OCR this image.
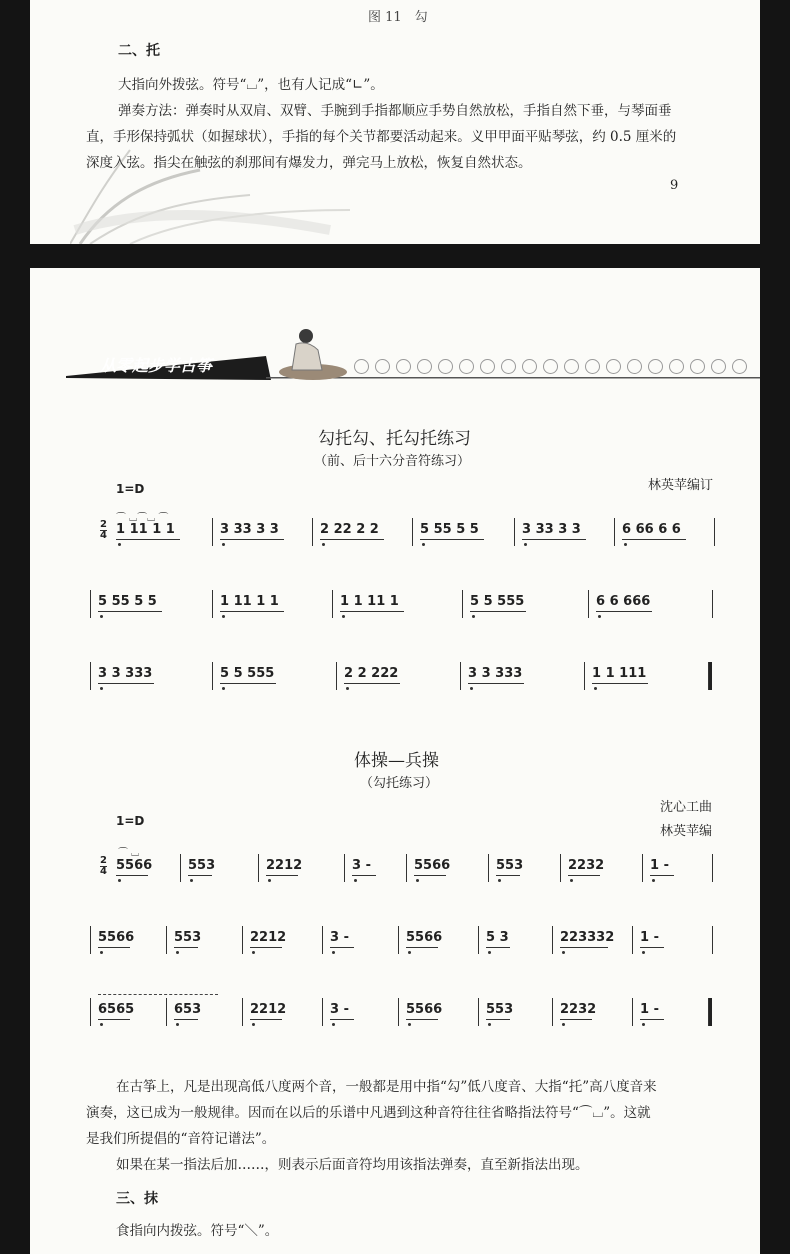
图 11　勾
二、托
大指向外拨弦。符号“⌴”，也有人记成“∟”。
弹奏方法：弹奏时从双肩、双臂、手腕到手指都顺应手势自然放松，手指自然下垂，与琴面垂
直，手形保持弧状（如握球状），手指的每个关节都要活动起来。义甲甲面平贴琴弦，约 0.5 厘米的
深度入弦。指尖在触弦的刹那间有爆发力，弹完马上放松，恢复自然状态。
9
从零起步学古筝
勾托勾、托勾托练习
（前、后十六分音符练习）
林英苹编订
1=D
2
4 1 11 1 1	3 33 3 3	2 22 2 2	5 55 5 5	3 33 3 3	6 66 6 6
5 55 5 5	1 11 1 1	1 1 11 1	5 5 555	6 6 666
3 3 333	5 5 555	2 2 222	3 3 333	1 1 111
⌒ ⌴⌒⌴ ⌒
体操—兵操
（勾托练习）
沈心工曲
林英苹编
1=D
2
4 5566	553	2212	3 -	5566	553	2232	1 -
5566	553	2212	3 -	5566	5 3	223332 1 -
6565	653	2212	3 -	5566	553	2232	1 -
⌒ ⌴
在古筝上，凡是出现高低八度两个音，一般都是用中指“勾”低八度音、大指“托”高八度音来
演奏，这已成为一般规律。因而在以后的乐谱中凡遇到这种音符往往省略指法符号“⌒⌴”。这就
是我们所提倡的“音符记谱法”。
如果在某一指法后加……，则表示后面音符均用该指法弹奏，直至新指法出现。
三、抹
食指向内拨弦。符号“＼”。
